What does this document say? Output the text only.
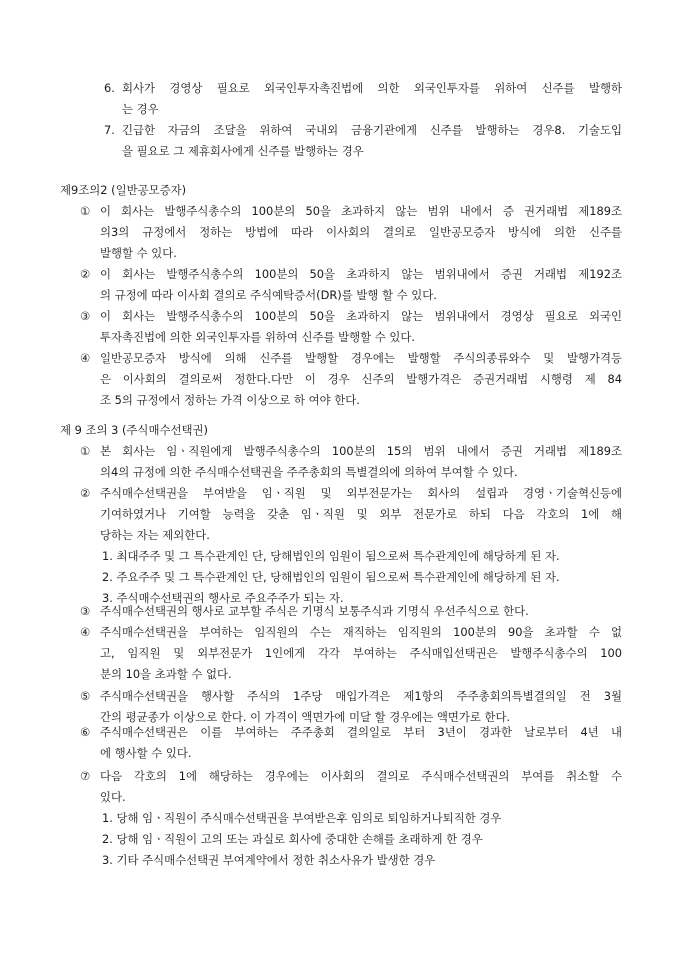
6. 회사가 경영상 필요로 외국인투자촉진법에 의한 외국인투자를 위하여 신주를 발행하
는 경우
7. 긴급한 자금의 조달을 위하여 국내외 금융기관에게 신주를 발행하는 경우8. 기술도입
을 필요로 그 제휴회사에게 신주를 발행하는 경우
제9조의2 (일반공모증자)
① 이 회사는 발행주식총수의 100분의 50을 초과하지 않는 범위 내에서 증 권거래법 제189조
의3의 규정에서 정하는 방법에 따라 이사회의 결의로 일반공모증자 방식에 의한 신주를
발행할 수 있다.
② 이 회사는 발행주식총수의 100분의 50을 초과하지 않는 범위내에서 증권 거래법 제192조
의 규정에 따라 이사회 결의로 주식예탁증서(DR)를 발행 할 수 있다.
③ 이 회사는 발행주식총수의 100분의 50을 초과하지 않는 범위내에서 경영상 필요로 외국인
투자촉진법에 의한 외국인투자를 위하여 신주를 발행할 수 있다.
④ 일반공모증자 방식에 의해 신주를 발행할 경우에는 발행할 주식의종류와수 및 발행가격등
은 이사회의 결의로써 정한다.다만 이 경우 신주의 발행가격은 증권거래법 시행령 제 84
조 5의 규정에서 정하는 가격 이상으로 하 여야 한다.
제 9 조의 3 (주식매수선택권)
① 본 회사는 임ㆍ직원에게 발행주식총수의 100분의 15의 범위 내에서 증권 거래법 제189조
의4의 규정에 의한 주식매수선택권을 주주총회의 특별결의에 의하여 부여할 수 있다.
② 주식매수선택권을 부여받을 임ㆍ직원 및 외부전문가는 회사의 설립과 경영ㆍ기술혁신등에
기여하였거나 기여할 능력을 갖춘 임ㆍ직원 및 외부 전문가로 하되 다음 각호의 1에 해
당하는 자는 제외한다.
1. 최대주주 및 그 특수관계인 단, 당해법인의 임원이 됨으로써 특수관계인에 해당하게 된 자.
2. 주요주주 및 그 특수관계인 단, 당해법인의 임원이 됨으로써 특수관계인에 해당하게 된 자.
3. 주식매수선택권의 행사로 주요주주가 되는 자.
③ 주식매수선택권의 행사로 교부할 주식은 기명식 보통주식과 기명식 우선주식으로 한다.
④ 주식매수선택권을 부여하는 임직원의 수는 재직하는 임직원의 100분의 90을 초과할 수 없
고, 임직원 및 외부전문가 1인에게 각각 부여하는 주식매입선택권은 발행주식총수의 100
분의 10을 초과할 수 없다.
⑤ 주식매수선택권을 행사할 주식의 1주당 매입가격은 제1항의 주주총회의특별결의일 전 3월
간의 평균종가 이상으로 한다. 이 가격이 액면가에 미달 할 경우에는 액면가로 한다.
⑥ 주식매수선택권은 이를 부여하는 주주총회 결의일로 부터 3년이 경과한 날로부터 4년 내
에 행사할 수 있다.
⑦ 다음 각호의 1에 해당하는 경우에는 이사회의 결의로 주식매수선택권의 부여를 취소할 수
있다.
1. 당해 임ㆍ직원이 주식매수선택권을 부여받은후 임의로 퇴임하거나퇴직한 경우
2. 당해 임ㆍ직원이 고의 또는 과실로 회사에 중대한 손해를 초래하게 한 경우
3. 기타 주식매수선택권 부여계약에서 정한 취소사유가 발생한 경우
